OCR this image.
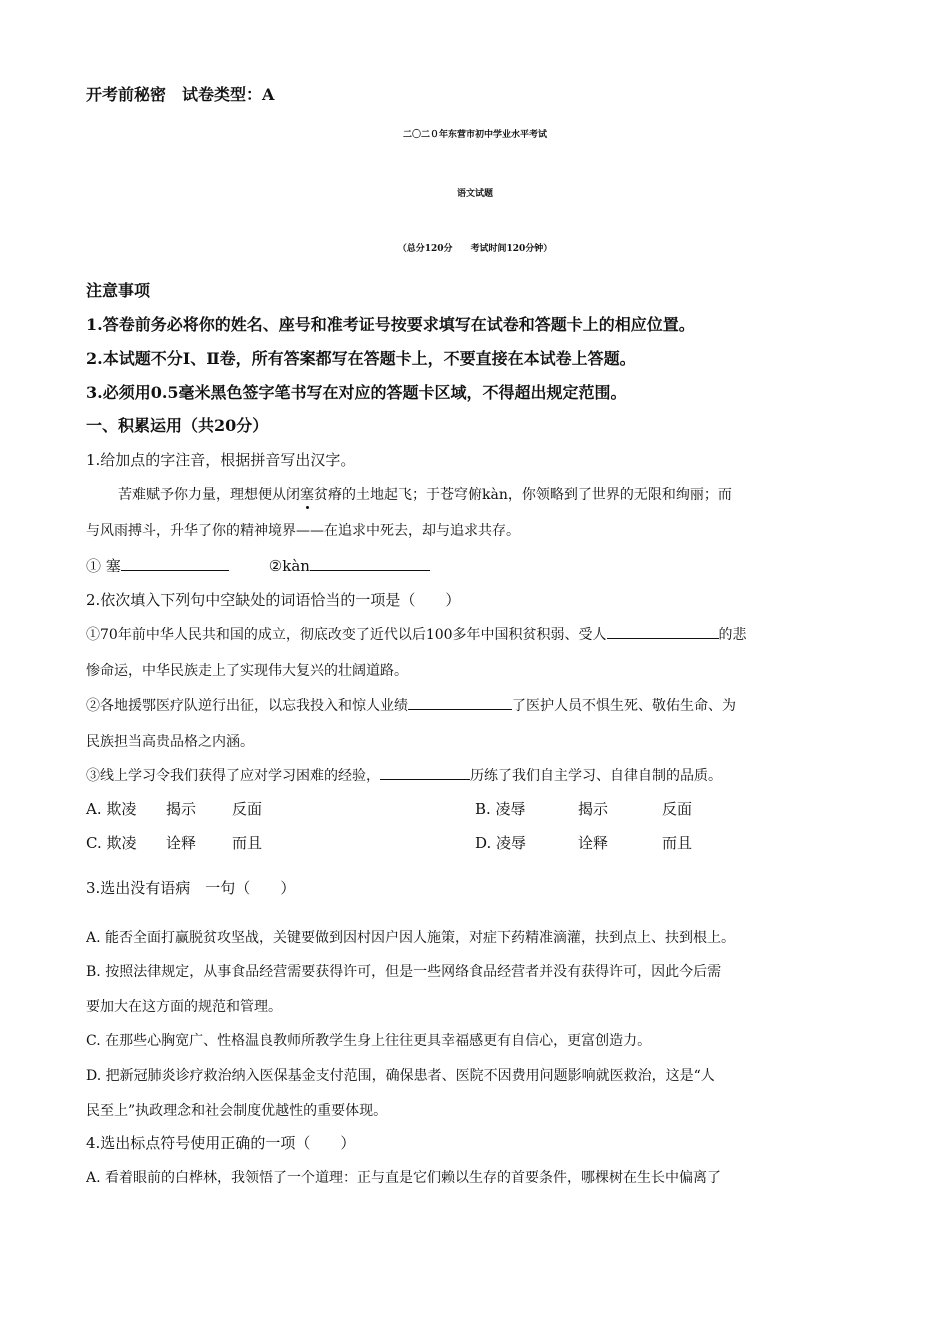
开考前秘密　试卷类型：A
二〇二０年东营市初中学业水平考试
语文试题
（总分120分　　考试时间120分钟）
注意事项
1.答卷前务必将你的姓名、座号和准考证号按要求填写在试卷和答题卡上的相应位置。
2.本试题不分Ⅰ、Ⅱ卷，所有答案都写在答题卡上，不要直接在本试卷上答题。
3.必须用0.5毫米黑色签字笔书写在对应的答题卡区域，不得超出规定范围。
一、积累运用（共20分）
1.给加点的字注音，根据拼音写出汉字。
苦难赋予你力量，理想便从闭塞贫瘠的土地起飞；于苍穹俯kàn，你领略到了世界的无限和绚丽；而
与风雨搏斗，升华了你的精神境界——在追求中死去，却与追求共存。
① 塞	②kàn
2.依次填入下列句中空缺处的词语恰当的一项是（　　）
①70年前中华人民共和国的成立，彻底改变了近代以后100多年中国积贫积弱、受人	的悲
惨命运，中华民族走上了实现伟大复兴的壮阔道路。
②各地援鄂医疗队逆行出征，以忘我投入和惊人业绩	了医护人员不惧生死、敬佑生命、为
民族担当高贵品格之内涵。
③线上学习令我们获得了应对学习困难的经验，	历练了我们自主学习、自律自制的品质。
A. 欺凌 揭示 反面	B. 凌辱	揭示	反面
C. 欺凌 诠释 而且	D. 凌辱	诠释	而且
3.选出没有语病　一句（　　）
A. 能否全面打赢脱贫攻坚战，关键要做到因村因户因人施策，对症下药精准滴灌，扶到点上、扶到根上。
B. 按照法律规定，从事食品经营需要获得许可，但是一些网络食品经营者并没有获得许可，因此今后需
要加大在这方面的规范和管理。
C. 在那些心胸宽广、性格温良教师所教学生身上往往更具幸福感更有自信心，更富创造力。
D. 把新冠肺炎诊疗救治纳入医保基金支付范围，确保患者、医院不因费用问题影响就医救治，这是“人
民至上”执政理念和社会制度优越性的重要体现。
4.选出标点符号使用正确的一项（　　）
A. 看着眼前的白桦林，我领悟了一个道理：正与直是它们赖以生存的首要条件，哪棵树在生长中偏离了
